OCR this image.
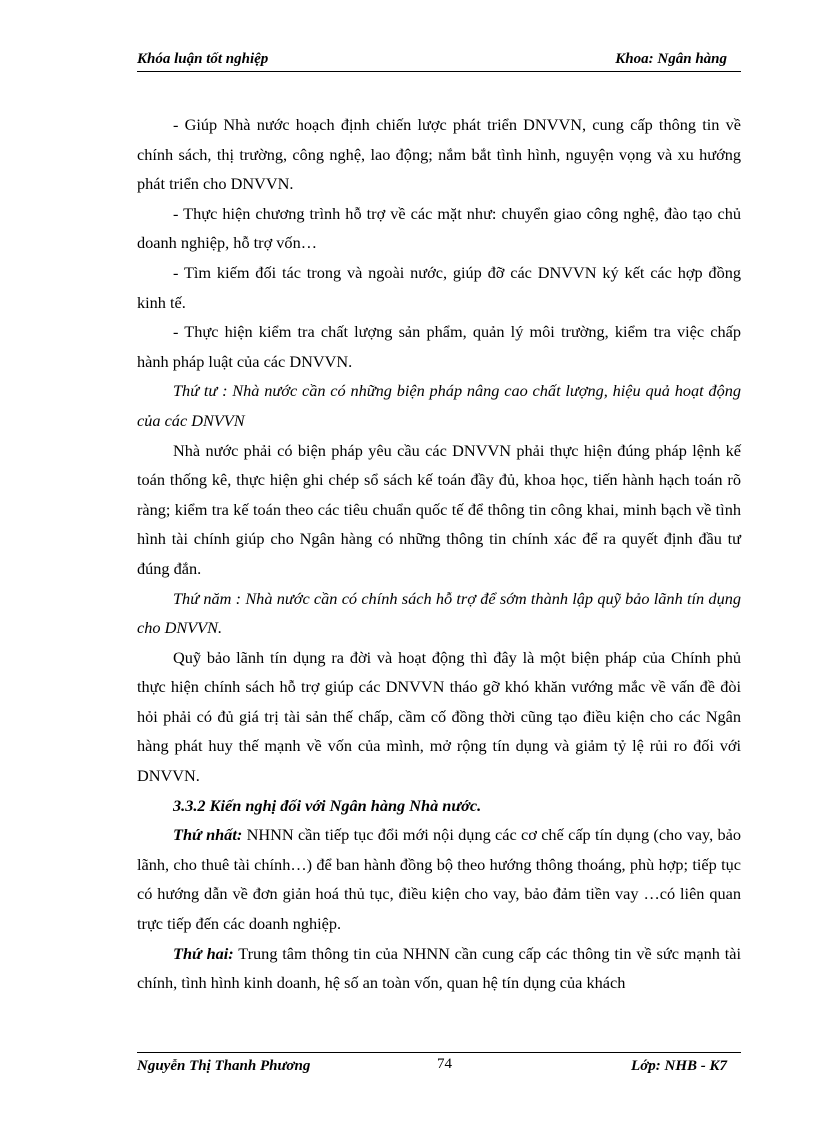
Khóa luận tốt nghiệp	Khoa: Ngân hàng

- Giúp Nhà nước hoạch định chiến lược phát triển DNVVN, cung cấp thông tin về chính sách, thị trường, công nghệ, lao động; nắm bắt tình hình, nguyện vọng và xu hướng phát triển cho DNVVN.

- Thực hiện chương trình hỗ trợ về các mặt như: chuyển giao công nghệ, đào tạo chủ doanh nghiệp, hỗ trợ vốn…

- Tìm kiếm đối tác trong và ngoài nước, giúp đỡ các DNVVN ký kết các hợp đồng kinh tế.

- Thực hiện kiểm tra chất lượng sản phẩm, quản lý môi trường, kiểm tra việc chấp hành pháp luật của các DNVVN.

Thứ tư : Nhà nước cần có những biện pháp nâng cao chất lượng, hiệu quả hoạt động của các DNVVN

Nhà nước phải có biện pháp yêu cầu các DNVVN phải thực hiện đúng pháp lệnh kế toán thống kê, thực hiện ghi chép sổ sách kế toán đầy đủ, khoa học, tiến hành hạch toán rõ ràng; kiểm tra kế toán theo các tiêu chuẩn quốc tế để thông tin công khai, minh bạch về tình hình tài chính giúp cho Ngân hàng có những thông tin chính xác để ra quyết định đầu tư đúng đắn.

Thứ năm : Nhà nước cần có chính sách hỗ trợ để sớm thành lập quỹ bảo lãnh tín dụng cho DNVVN.

Quỹ bảo lãnh tín dụng ra đời và hoạt động thì đây là một biện pháp của Chính phủ thực hiện chính sách hỗ trợ giúp các DNVVN tháo gỡ khó khăn vướng mắc về vấn đề đòi hỏi phải có đủ giá trị tài sản thế chấp, cầm cố đồng thời cũng tạo điều kiện cho các Ngân hàng phát huy thế mạnh về vốn của mình, mở rộng tín dụng và giảm tỷ lệ rủi ro đối với DNVVN.

3.3.2 Kiến nghị đối với Ngân hàng Nhà nước.

Thứ nhất: NHNN cần tiếp tục đổi mới nội dụng các cơ chế cấp tín dụng (cho vay, bảo lãnh, cho thuê tài chính…) để ban hành đồng bộ theo hướng thông thoáng, phù hợp; tiếp tục có hướng dẫn về đơn giản hoá thủ tục, điều kiện cho vay, bảo đảm tiền vay …có liên quan trực tiếp đến các doanh nghiệp.

Thứ hai: Trung tâm thông tin của NHNN cần cung cấp các thông tin về sức mạnh tài chính, tình hình kinh doanh, hệ số an toàn vốn, quan hệ tín dụng của khách

Nguyễn Thị Thanh Phương	74	Lớp: NHB - K7
